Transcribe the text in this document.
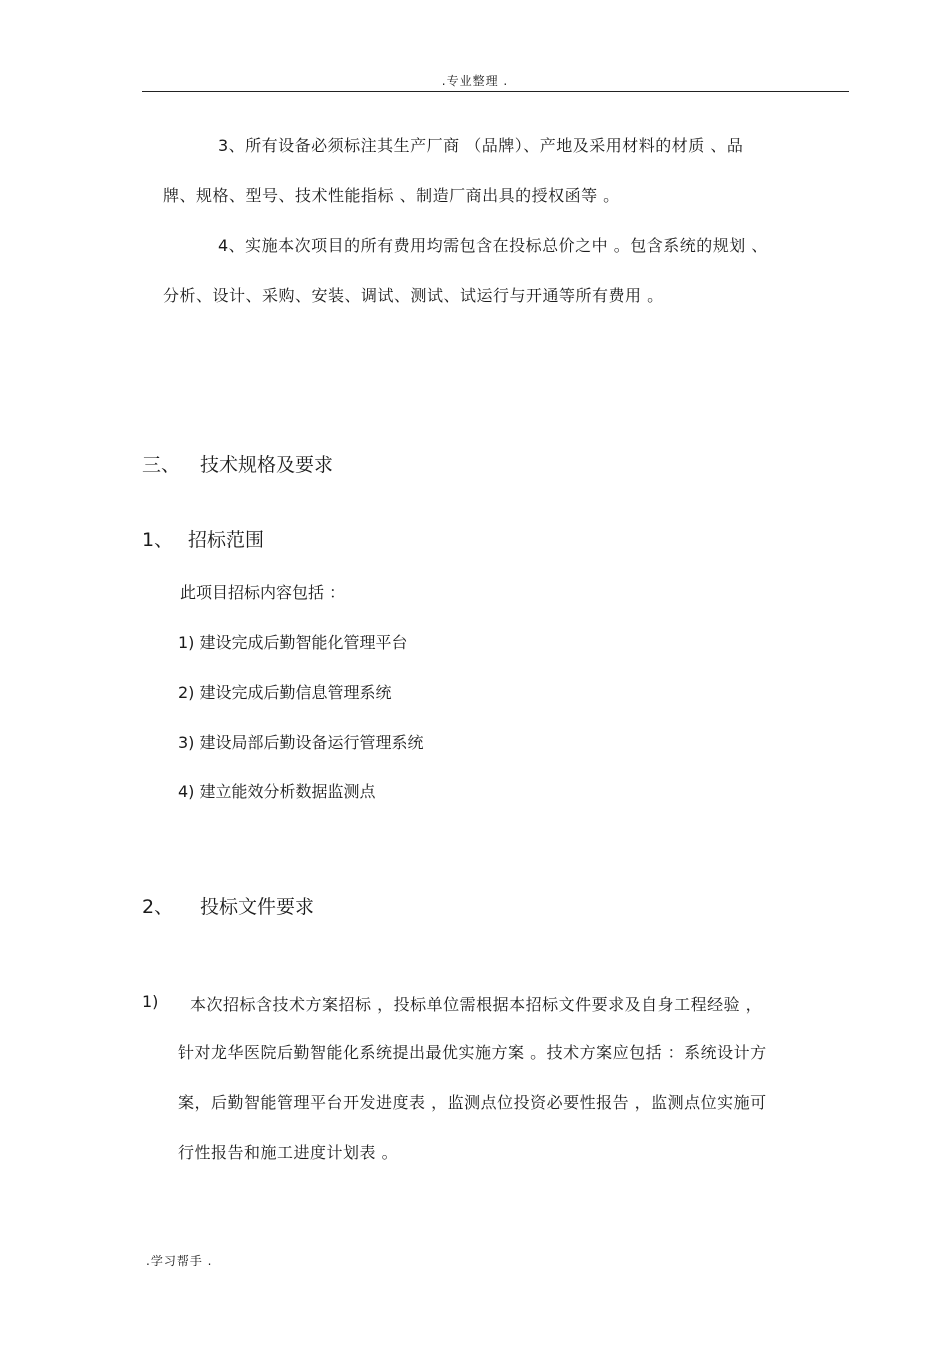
.专业整理 .
3、所有设备必须标注其生产厂商 （品牌）、产地及采用材料的材质 、品
牌、规格、型号、技术性能指标 、制造厂商出具的授权函等 。
4、实施本次项目的所有费用均需包含在投标总价之中 。包含系统的规划 、
分析、设计、采购、安装、调试、测试、试运行与开通等所有费用 。
三、 技术规格及要求
1、 招标范围
此项目招标内容包括 ：
1) 建设完成后勤智能化管理平台
2) 建设完成后勤信息管理系统
3) 建设局部后勤设备运行管理系统
4) 建立能效分析数据监测点
2、 投标文件要求
1) 本次招标含技术方案招标 ，投标单位需根据本招标文件要求及自身工程经验 ，
针对龙华医院后勤智能化系统提出最优实施方案 。技术方案应包括 ：系统设计方
案，后勤智能管理平台开发进度表 ，监测点位投资必要性报告 ，监测点位实施可
行性报告和施工进度计划表 。
.学习帮手 .
